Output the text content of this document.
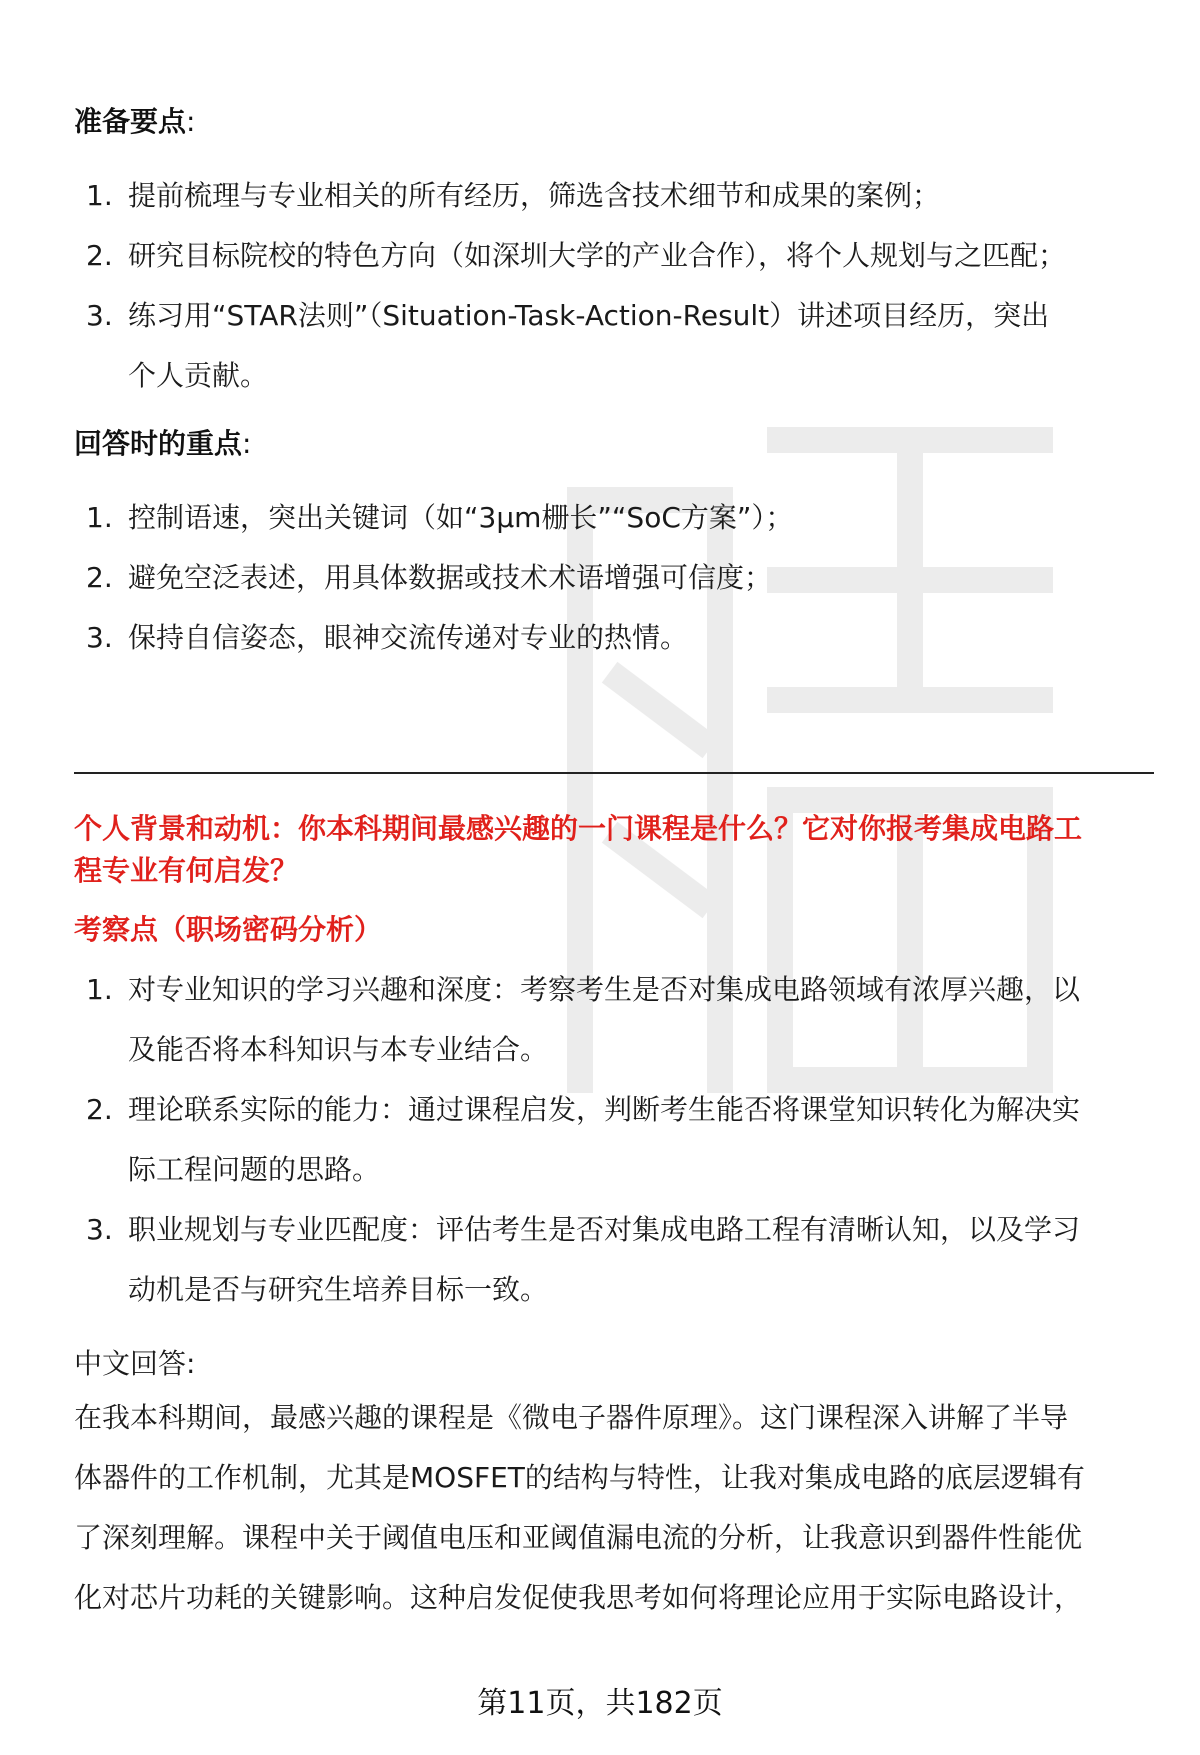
准备要点:
1. 提前梳理与专业相关的所有经历，筛选含技术细节和成果的案例；
2. 研究目标院校的特色方向（如深圳大学的产业合作），将个人规划与之匹配；
3. 练习用“STAR法则”（Situation-Task-Action-Result）讲述项目经历，突出
个人贡献。
回答时的重点:
1. 控制语速，突出关键词（如“3μm栅长”“SoC方案”）；
2. 避免空泛表述，用具体数据或技术术语增强可信度；
3. 保持自信姿态，眼神交流传递对专业的热情。
个人背景和动机：你本科期间最感兴趣的一门课程是什么？它对你报考集成电路工
程专业有何启发？
考察点（职场密码分析）
1. 对专业知识的学习兴趣和深度：考察考生是否对集成电路领域有浓厚兴趣，以
及能否将本科知识与本专业结合。
2. 理论联系实际的能力：通过课程启发，判断考生能否将课堂知识转化为解决实
际工程问题的思路。
3. 职业规划与专业匹配度：评估考生是否对集成电路工程有清晰认知，以及学习
动机是否与研究生培养目标一致。
中文回答:
在我本科期间，最感兴趣的课程是《微电子器件原理》。这门课程深入讲解了半导
体器件的工作机制，尤其是MOSFET的结构与特性，让我对集成电路的底层逻辑有
了深刻理解。课程中关于阈值电压和亚阈值漏电流的分析，让我意识到器件性能优
化对芯片功耗的关键影响。这种启发促使我思考如何将理论应用于实际电路设计，
第11页，共182页
